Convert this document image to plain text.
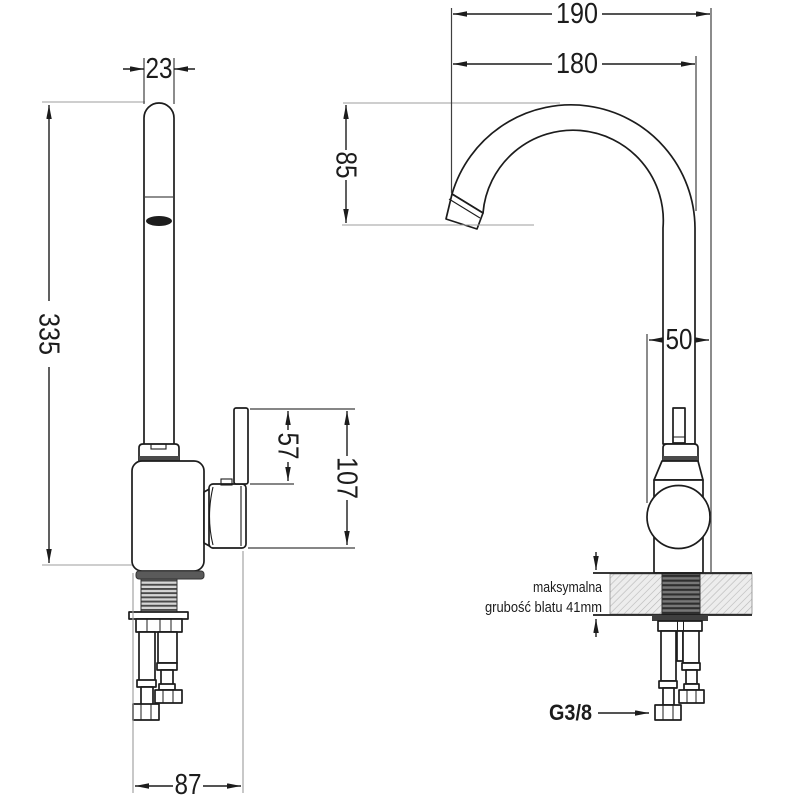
23
335
57
107
87
190
180
85
50
maksymalna
grubość blatu 41mm
G3/8
